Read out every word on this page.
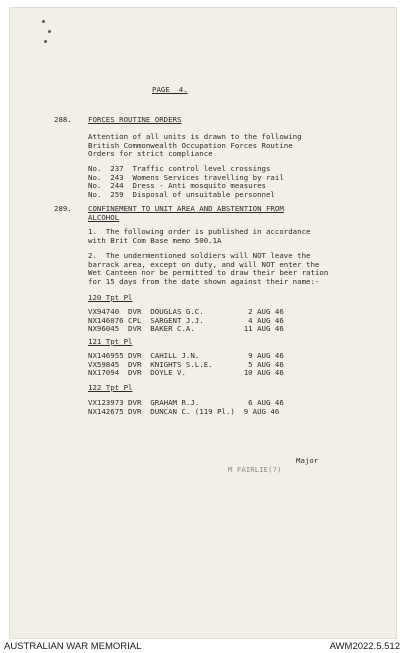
PAGE  4.
288. FORCES ROUTINE ORDERS
Attention of all units is drawn to the following
British Commonwealth Occupation Forces Routine
Orders for strict compliance
No.  237  Traffic control level crossings
No.  243  Womens Services travelling by rail
No.  244  Dress - Anti mosquito measures
No.  259  Disposal of unsuitable personnel
289. CONFINEMENT TO UNIT AREA AND ABSTENTION FROM
ALCOHOL
1.  The following order is published in accordance
with Brit Com Base memo 500.1A
2.  The undermentioned soldiers will NOT leave the
barrack area, except on duty, and will NOT enter the
Wet Canteen nor be permitted to draw their beer ration
for 15 days from the date shown against their name:-
120 Tpt Pl
VX94740  DVR  DOUGLAS G.C.          2 AUG 46
NX146076 CPL  SARGENT J.J.          4 AUG 46
NX96045  DVR  BAKER C.A.           11 AUG 46
121 Tpt Pl
NX146955 DVR  CAHILL J.N.           9 AUG 46
VX59845  DVR  KNIGHTS S.L.E.        5 AUG 46
NX17094  DVR  DOYLE V.             10 AUG 46
122 Tpt Pl
VX123973 DVR  GRAHAM R.J.           6 AUG 46
NX142675 DVR  DUNCAN C. (119 Pl.)  9 AUG 46
Major
M FAIRLIE(?)
AUSTRALIAN WAR MEMORIAL	AWM2022.5.512
